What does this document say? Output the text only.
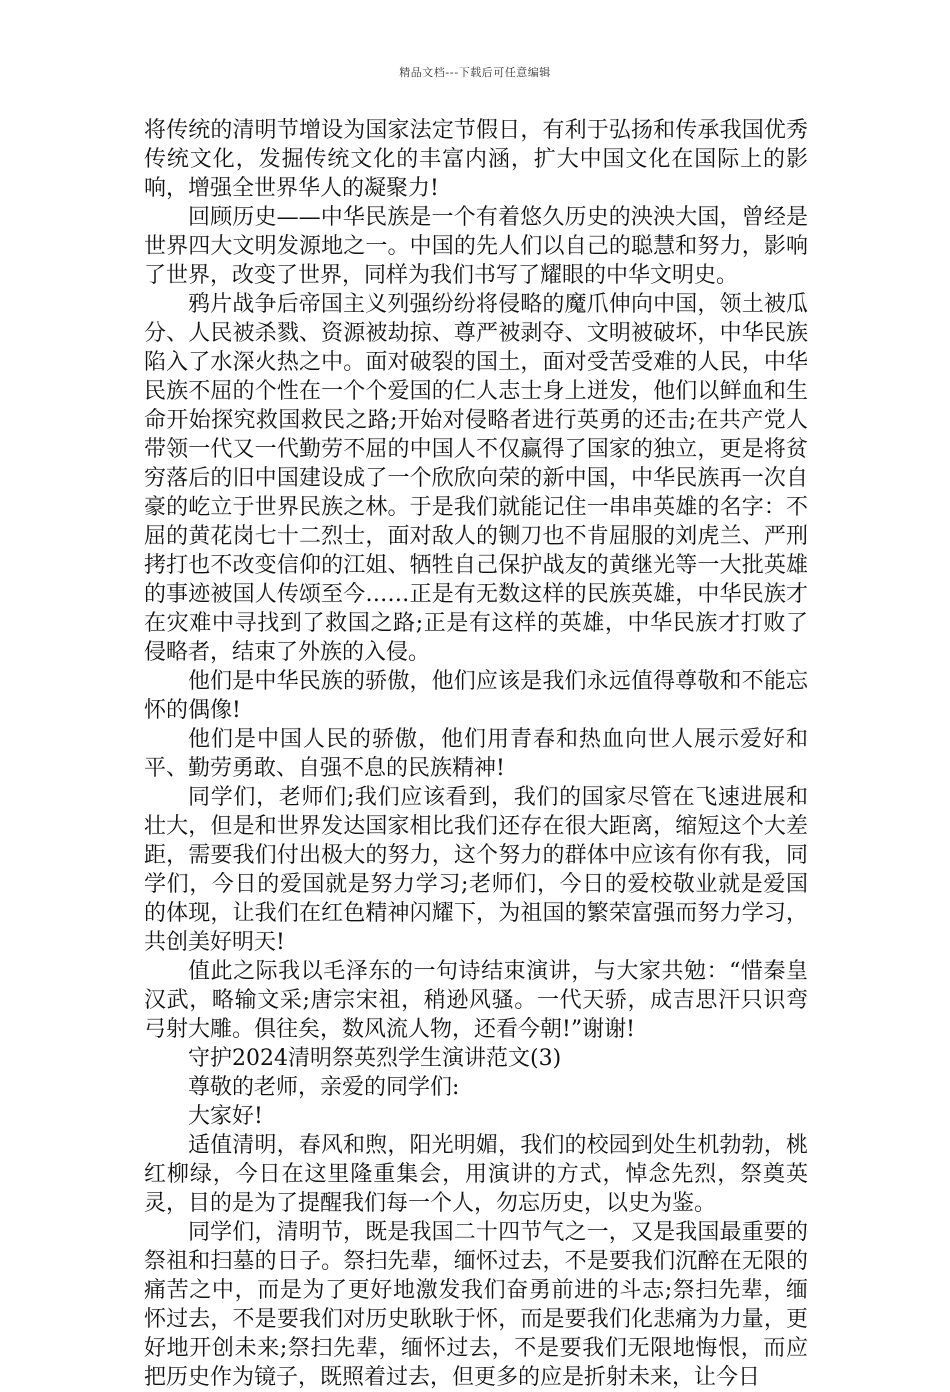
精品文档---下载后可任意编辑

将传统的清明节增设为国家法定节假日，有利于弘扬和传承我国优秀传统文化，发掘传统文化的丰富内涵，扩大中国文化在国际上的影响，增强全世界华人的凝聚力!

回顾历史——中华民族是一个有着悠久历史的泱泱大国，曾经是世界四大文明发源地之一。中国的先人们以自己的聪慧和努力，影响了世界，改变了世界，同样为我们书写了耀眼的中华文明史。

鸦片战争后帝国主义列强纷纷将侵略的魔爪伸向中国，领土被瓜分、人民被杀戮、资源被劫掠、尊严被剥夺、文明被破坏，中华民族陷入了水深火热之中。面对破裂的国土，面对受苦受难的人民，中华民族不屈的个性在一个个爱国的仁人志士身上迸发，他们以鲜血和生命开始探究救国救民之路;开始对侵略者进行英勇的还击;在共产党人带领一代又一代勤劳不屈的中国人不仅赢得了国家的独立，更是将贫穷落后的旧中国建设成了一个欣欣向荣的新中国，中华民族再一次自豪的屹立于世界民族之林。于是我们就能记住一串串英雄的名字：不屈的黄花岗七十二烈士，面对敌人的铡刀也不肯屈服的刘虎兰、严刑拷打也不改变信仰的江姐、牺牲自己保护战友的黄继光等一大批英雄的事迹被国人传颂至今……正是有无数这样的民族英雄，中华民族才在灾难中寻找到了救国之路;正是有这样的英雄，中华民族才打败了侵略者，结束了外族的入侵。

他们是中华民族的骄傲，他们应该是我们永远值得尊敬和不能忘怀的偶像!

他们是中国人民的骄傲，他们用青春和热血向世人展示爱好和平、勤劳勇敢、自强不息的民族精神!

同学们，老师们;我们应该看到，我们的国家尽管在飞速进展和壮大，但是和世界发达国家相比我们还存在很大距离，缩短这个大差距，需要我们付出极大的努力，这个努力的群体中应该有你有我，同学们，今日的爱国就是努力学习;老师们，今日的爱校敬业就是爱国的体现，让我们在红色精神闪耀下，为祖国的繁荣富强而努力学习，共创美好明天!

值此之际我以毛泽东的一句诗结束演讲，与大家共勉：“惜秦皇汉武，略输文采;唐宗宋祖，稍逊风骚。一代天骄，成吉思汗只识弯弓射大雕。俱往矣，数风流人物，还看今朝!”谢谢!

守护2024清明祭英烈学生演讲范文(3)

尊敬的老师，亲爱的同学们:

大家好!

适值清明，春风和煦，阳光明媚，我们的校园到处生机勃勃，桃红柳绿，今日在这里隆重集会，用演讲的方式，悼念先烈，祭奠英灵，目的是为了提醒我们每一个人，勿忘历史，以史为鉴。

同学们，清明节，既是我国二十四节气之一，又是我国最重要的祭祖和扫墓的日子。祭扫先辈，缅怀过去，不是要我们沉醉在无限的痛苦之中，而是为了更好地激发我们奋勇前进的斗志;祭扫先辈，缅怀过去，不是要我们对历史耿耿于怀，而是要我们化悲痛为力量，更好地开创未来;祭扫先辈，缅怀过去，不是要我们无限地悔恨，而应把历史作为镜子，既照着过去，但更多的应是折射未来，让今日
